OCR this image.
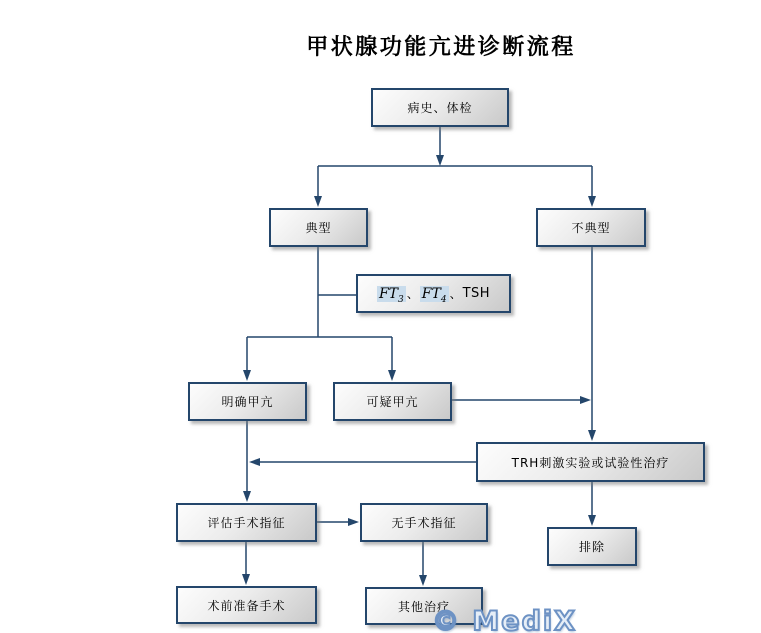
甲状腺功能亢进诊断流程
病史、体检
典型	不典型
$FT_3$ 、 $FT_4$ 、 TSH
明确甲亢	可疑甲亢
TRH刺激实验或试验性治疗
评估手术指征	无手术指征
排除
术前准备手术	其他治疗
© MediX
